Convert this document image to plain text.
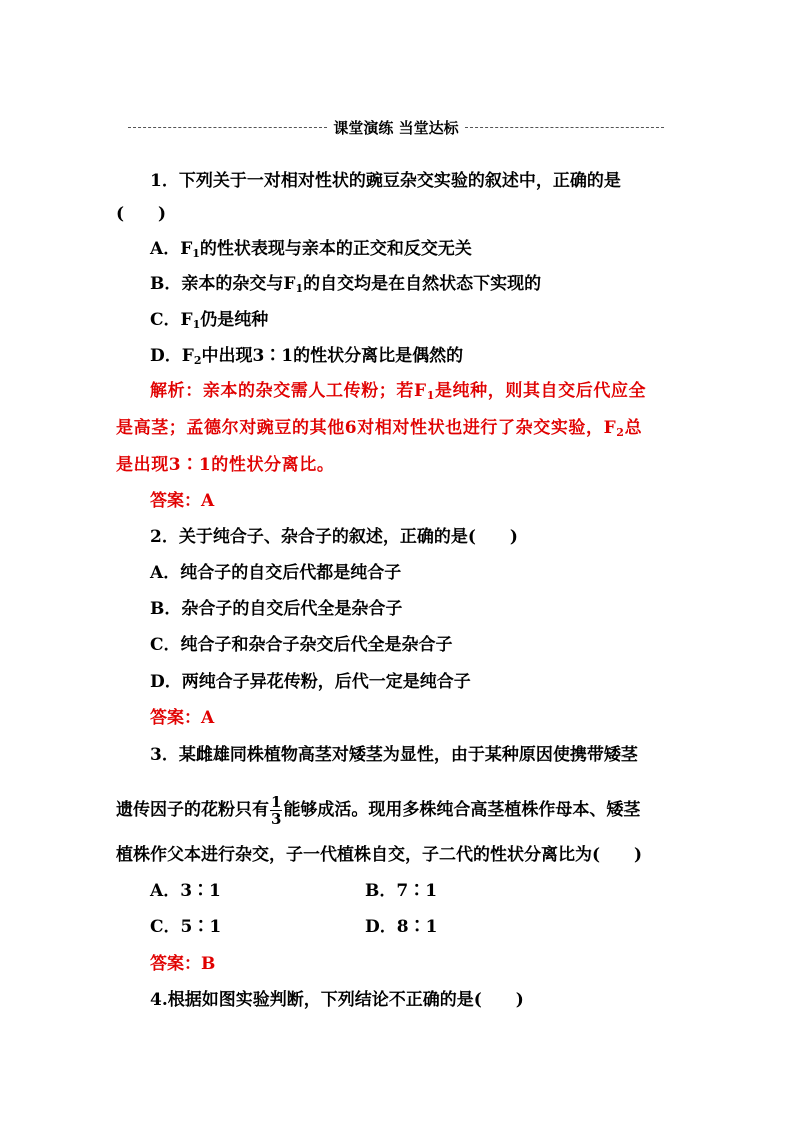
课堂演练 当堂达标
1．下列关于一对相对性状的豌豆杂交实验的叙述中，正确的是
(　　)
A．$F_1$的性状表现与亲本的正交和反交无关
B．亲本的杂交与$F_1$的自交均是在自然状态下实现的
C．$F_1$仍是纯种
D．$F_2$中出现3∶1的性状分离比是偶然的
解析：亲本的杂交需人工传粉；若$F_1$是纯种，则其自交后代应全
是高茎；孟德尔对豌豆的其他6对相对性状也进行了杂交实验，$F_2$总
是出现3∶1的性状分离比。
答案：A
2．关于纯合子、杂合子的叙述，正确的是(　　)
A．纯合子的自交后代都是纯合子
B．杂合子的自交后代全是杂合子
C．纯合子和杂合子杂交后代全是杂合子
D．两纯合子异花传粉，后代一定是纯合子
答案：A
3．某雌雄同株植物高茎对矮茎为显性，由于某种原因使携带矮茎
遗传因子的花粉只有 $\frac{1}{3}$ 能够成活。现用多株纯合高茎植株作母本、矮茎
植株作父本进行杂交，子一代植株自交，子二代的性状分离比为(　　)
A．3∶1	B．7∶1
C．5∶1	D．8∶1
答案：B
4.根据如图实验判断，下列结论不正确的是(　　)
